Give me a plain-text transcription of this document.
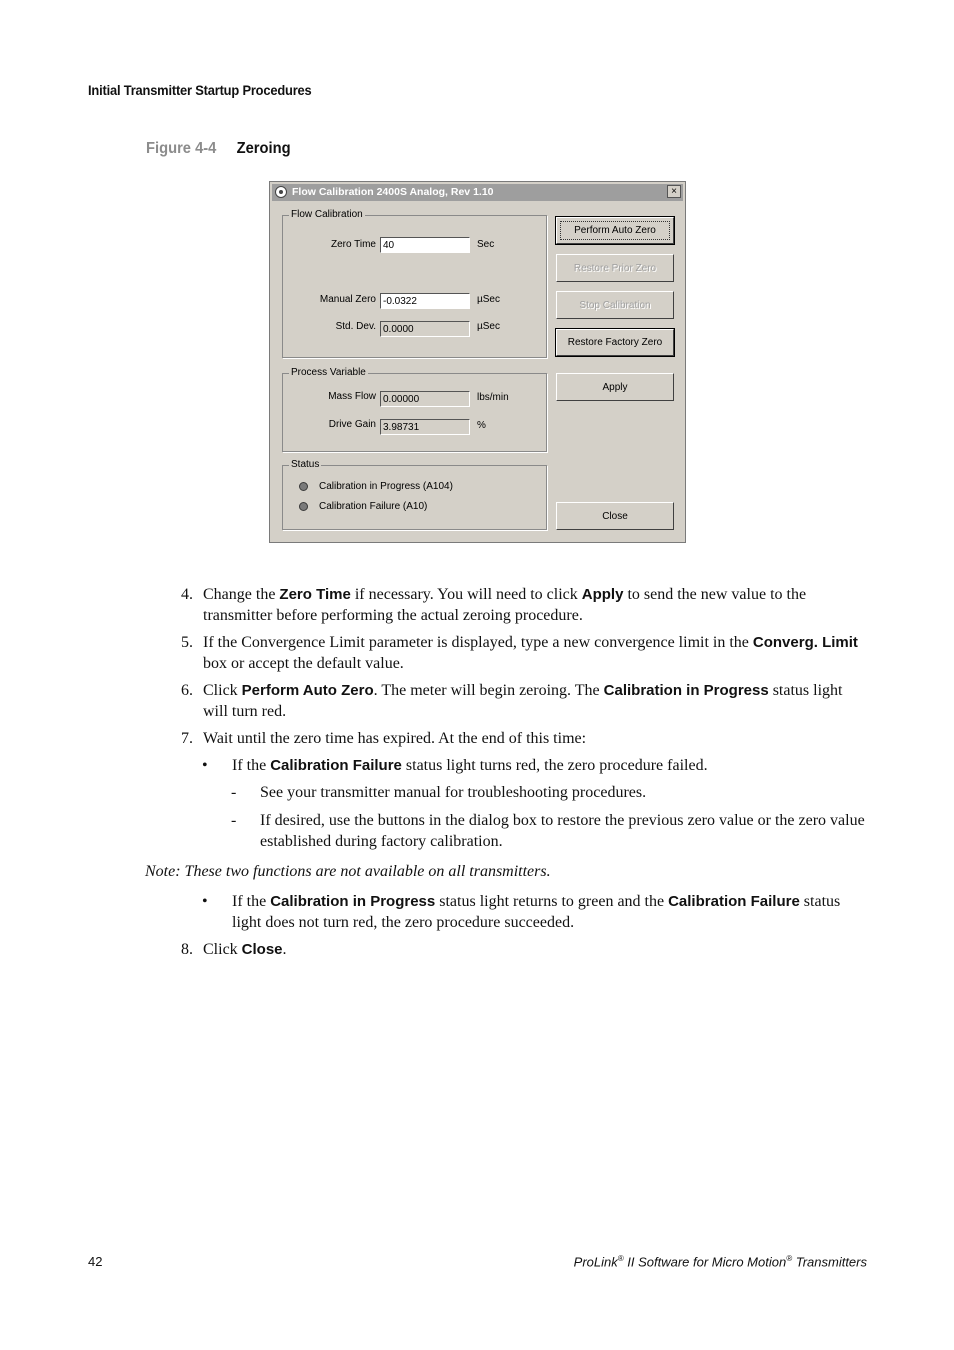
Initial Transmitter Startup Procedures
Figure 4-4 Zeroing
Flow Calibration 2400S Analog, Rev 1.10	×
Flow Calibration
Zero Time 40	Sec
Manual Zero -0.0322	µSec
Std. Dev. 0.0000	µSec
Process Variable
Mass Flow 0.00000	lbs/min
Drive Gain 3.98731	%
Status
Calibration in Progress (A104)
Calibration Failure (A10)
Perform Auto Zero
Restore Prior Zero
Stop Calibration
Restore Factory Zero
Apply
Close
4. Change the Zero Time if necessary. You will need to click Apply to send the new value to the transmitter before performing the actual zeroing procedure.
5. If the Convergence Limit parameter is displayed, type a new convergence limit in the Converg. Limit box or accept the default value.
6. Click Perform Auto Zero. The meter will begin zeroing. The Calibration in Progress status light will turn red.
7. Wait until the zero time has expired. At the end of this time:
• If the Calibration Failure status light turns red, the zero procedure failed.
- See your transmitter manual for troubleshooting procedures.
- If desired, use the buttons in the dialog box to restore the previous zero value or the zero value established during factory calibration.
Note: These two functions are not available on all transmitters.
• If the Calibration in Progress status light returns to green and the Calibration Failure status light does not turn red, the zero procedure succeeded.
8. Click Close.
42	ProLink® II Software for Micro Motion® Transmitters
